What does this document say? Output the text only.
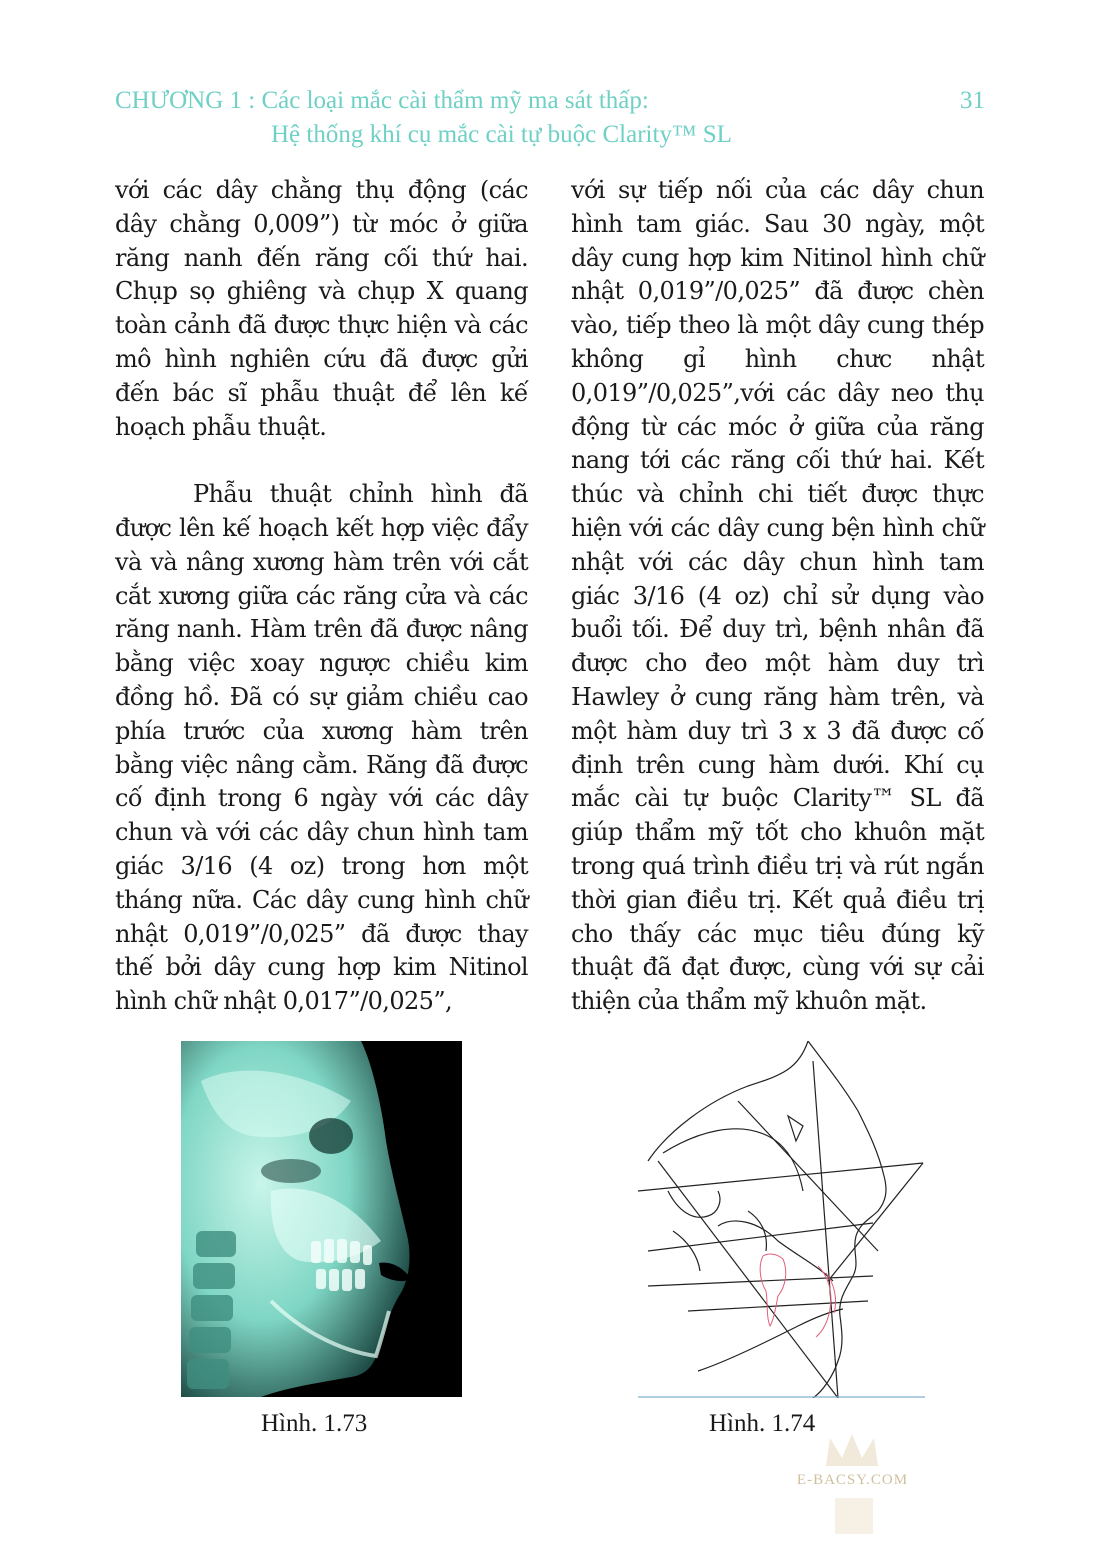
CHƯƠNG 1 : Các loại mắc cài thẩm mỹ ma sát thấp:	31
Hệ thống khí cụ mắc cài tự buộc Clarity™ SL

với các dây chằng thụ động (các dây chằng 0,009”) từ móc ở giữa răng nanh đến răng cối thứ hai. Chụp sọ ghiêng và chụp X quang toàn cảnh đã được thực hiện và các mô hình nghiên cứu đã được gửi đến bác sĩ phẫu thuật để lên kế hoạch phẫu thuật.

Phẫu thuật chỉnh hình đã được lên kế hoạch kết hợp việc đẩy và và nâng xương hàm trên với cắt cắt xương giữa các răng cửa và các răng nanh. Hàm trên đã được nâng bằng việc xoay ngược chiều kim đồng hồ. Đã có sự giảm chiều cao phía trước của xương hàm trên bằng việc nâng cằm. Răng đã được cố định trong 6 ngày với các dây chun và với các dây chun hình tam giác 3/16 (4 oz) trong hơn một tháng nữa. Các dây cung hình chữ nhật 0,019”/0,025” đã được thay thế bởi dây cung hợp kim Nitinol hình chữ nhật 0,017”/0,025”,

với sự tiếp nối của các dây chun hình tam giác. Sau 30 ngày, một dây cung hợp kim Nitinol hình chữ nhật 0,019”/0,025” đã được chèn vào, tiếp theo là một dây cung thép không gỉ hình chưc nhật 0,019”/0,025”,với các dây neo thụ động từ các móc ở giữa của răng nang tới các răng cối thứ hai. Kết thúc và chỉnh chi tiết được thực hiện với các dây cung bện hình chữ nhật với các dây chun hình tam giác 3/16 (4 oz) chỉ sử dụng vào buổi tối. Để duy trì, bệnh nhân đã được cho đeo một hàm duy trì Hawley ở cung răng hàm trên, và một hàm duy trì 3 x 3 đã được cố định trên cung hàm dưới. Khí cụ mắc cài tự buộc Clarity™ SL đã giúp thẩm mỹ tốt cho khuôn mặt trong quá trình điều trị và rút ngắn thời gian điều trị. Kết quả điều trị cho thấy các mục tiêu đúng kỹ thuật đã đạt được, cùng với sự cải thiện của thẩm mỹ khuôn mặt.

Hình. 1.73	Hình. 1.74
E-BACSY.COM
